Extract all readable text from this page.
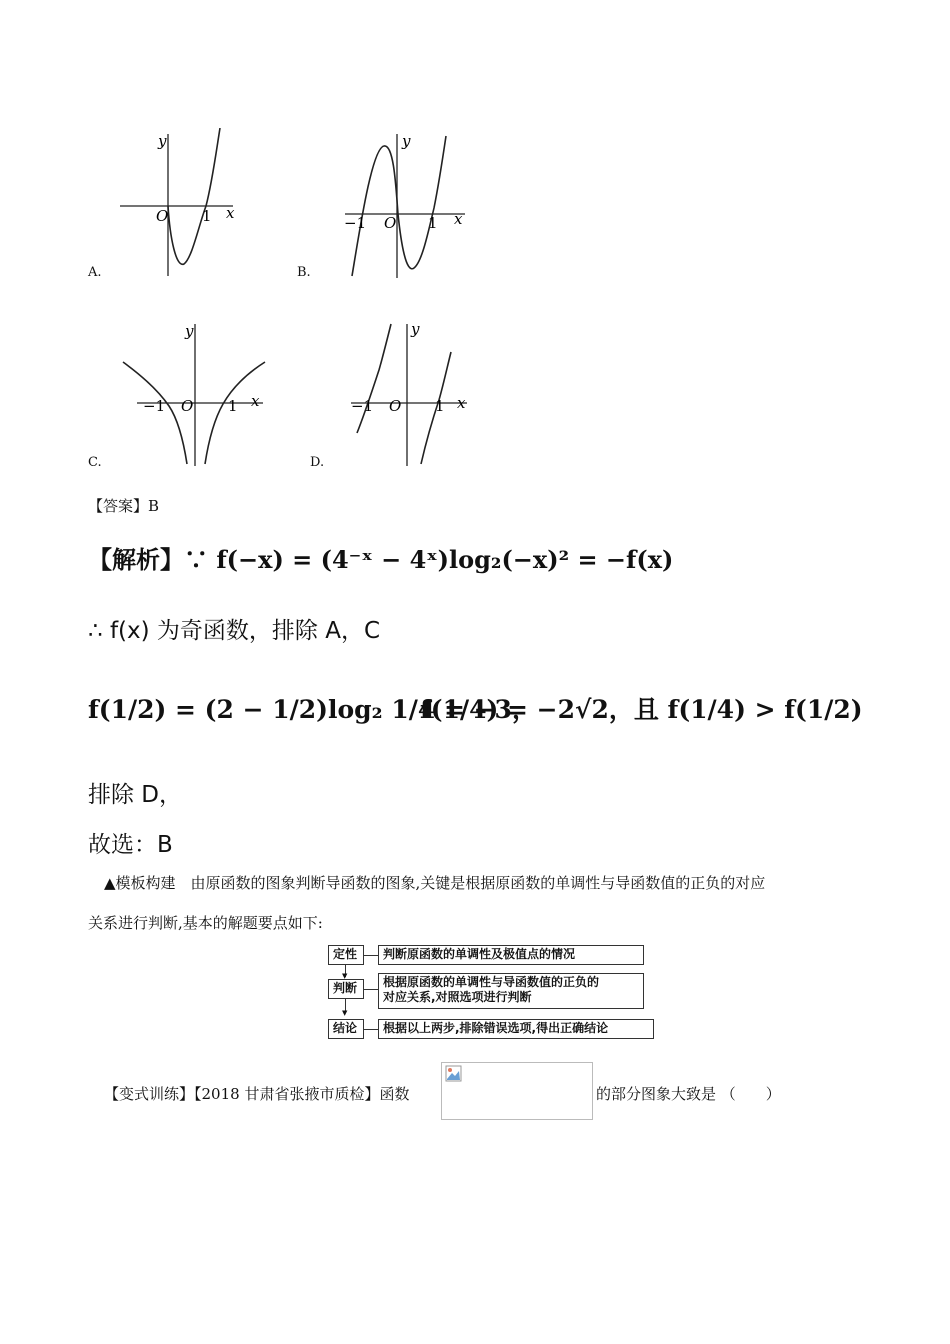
y
x
O 1
A.
y
x
O 1
−1
B.
y
x
O 1
−1
C.
y
x
O 1
−1
D.
【答案】B
【解析】∵ f(−x) = (4⁻ˣ − 4ˣ)log₂(−x)² = −f(x)
∴ f(x) 为奇函数，排除 A，C
f(1/2) = (2 − 1/2)log₂ 1/4 = −3，
f(1/4) = −2√2，且 f(1/4) > f(1/2)
排除 D，
故选：B
▲模板构建　由原函数的图象判断导函数的图象,关键是根据原函数的单调性与导函数值的正负的对应
关系进行判断,基本的解题要点如下:
定性	判断原函数的单调性及极值点的情况
▼
判断	根据原函数的单调性与导函数值的正负的
对应关系,对照选项进行判断
▼
结论	根据以上两步,排除错误选项,得出正确结论
【变式训练】【2018 甘肃省张掖市质检】函数	的部分图象大致是 （　　）
